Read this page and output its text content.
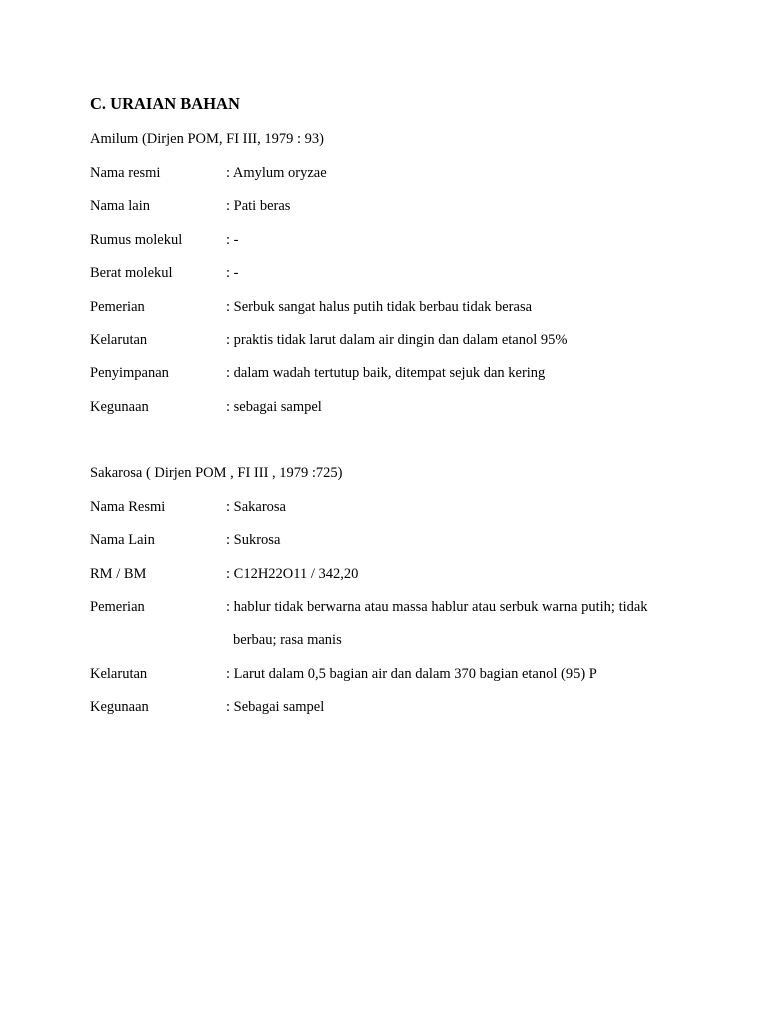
C. URAIAN BAHAN
Amilum (Dirjen POM, FI III, 1979 : 93)
Nama resmi	: Amylum oryzae
Nama lain	: Pati beras
Rumus molekul	: -
Berat molekul	: -
Pemerian	: Serbuk sangat halus putih tidak berbau tidak berasa
Kelarutan	: praktis tidak larut dalam air dingin dan dalam etanol 95%
Penyimpanan	: dalam wadah tertutup baik, ditempat sejuk dan kering
Kegunaan	: sebagai sampel
Sakarosa ( Dirjen POM , FI III , 1979 :725)
Nama Resmi	: Sakarosa
Nama Lain	: Sukrosa
RM / BM	: C12H22O11 / 342,20
Pemerian	: hablur tidak berwarna atau massa hablur atau serbuk warna putih; tidak
berbau; rasa manis
Kelarutan	: Larut dalam 0,5 bagian air dan dalam 370 bagian etanol (95) P
Kegunaan	: Sebagai sampel
